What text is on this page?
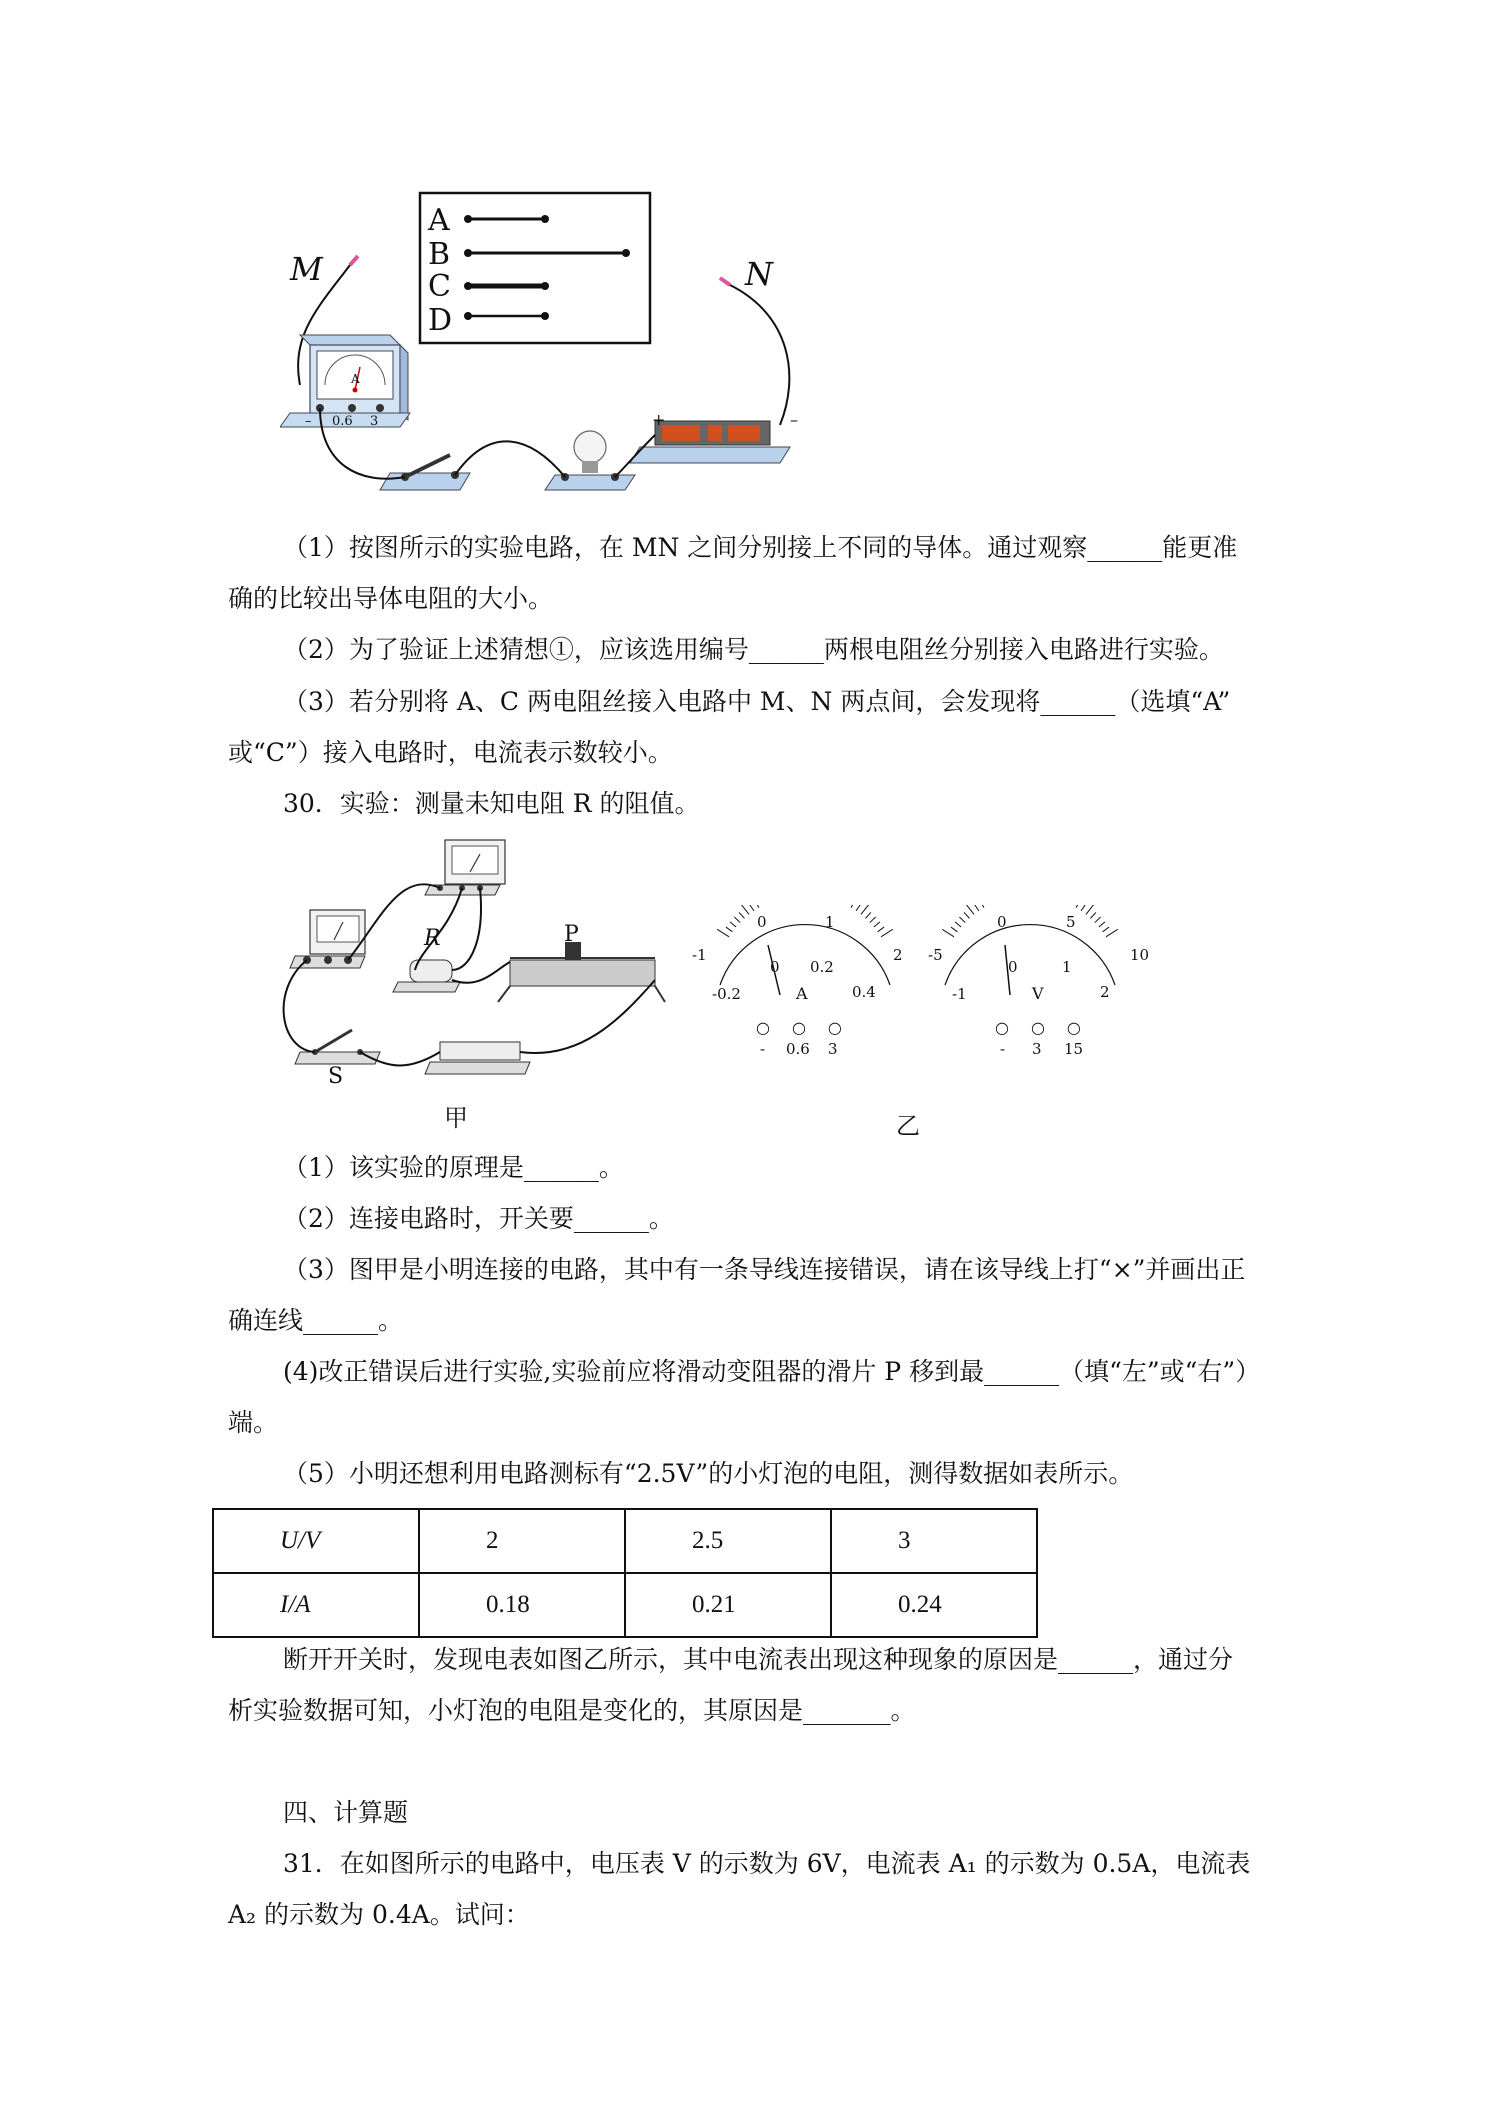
A
B
C
D
M	N
– 0.6 3
A
+	–

（1）按图所示的实验电路，在 MN 之间分别接上不同的导体。通过观察______能更准

确的比较出导体电阻的大小。

（2）为了验证上述猜想①，应该选用编号______两根电阻丝分别接入电路进行实验。

（3）若分别将 A、C 两电阻丝接入电路中 M、N 两点间，会发现将______（选填“A”

或“C”）接入电路时，电流表示数较小。

30．实验：测量未知电阻 R 的阻值。

R	P
S
甲	乙
-1
0	1
2
-0.2
0 0.2
0.4
A
○○○
- 0.6 3
-5
0	5
10
-1
0	1
2
V
○○○
- 3 15

（1）该实验的原理是______。

（2）连接电路时，开关要______。

（3）图甲是小明连接的电路，其中有一条导线连接错误，请在该导线上打“×”并画出正

确连线______。

(4)改正错误后进行实验,实验前应将滑动变阻器的滑片 P 移到最______（填“左”或“右”）

端。

（5）小明还想利用电路测标有“2.5V”的小灯泡的电阻，测得数据如表所示。

U/V	2	2.5	3
I/A	0.18	0.21	0.24

断开开关时，发现电表如图乙所示，其中电流表出现这种现象的原因是______，通过分

析实验数据可知，小灯泡的电阻是变化的，其原因是_______。

四、计算题

31．在如图所示的电路中，电压表 V 的示数为 6V，电流表 A₁ 的示数为 0.5A，电流表

A₂ 的示数为 0.4A。试问：
